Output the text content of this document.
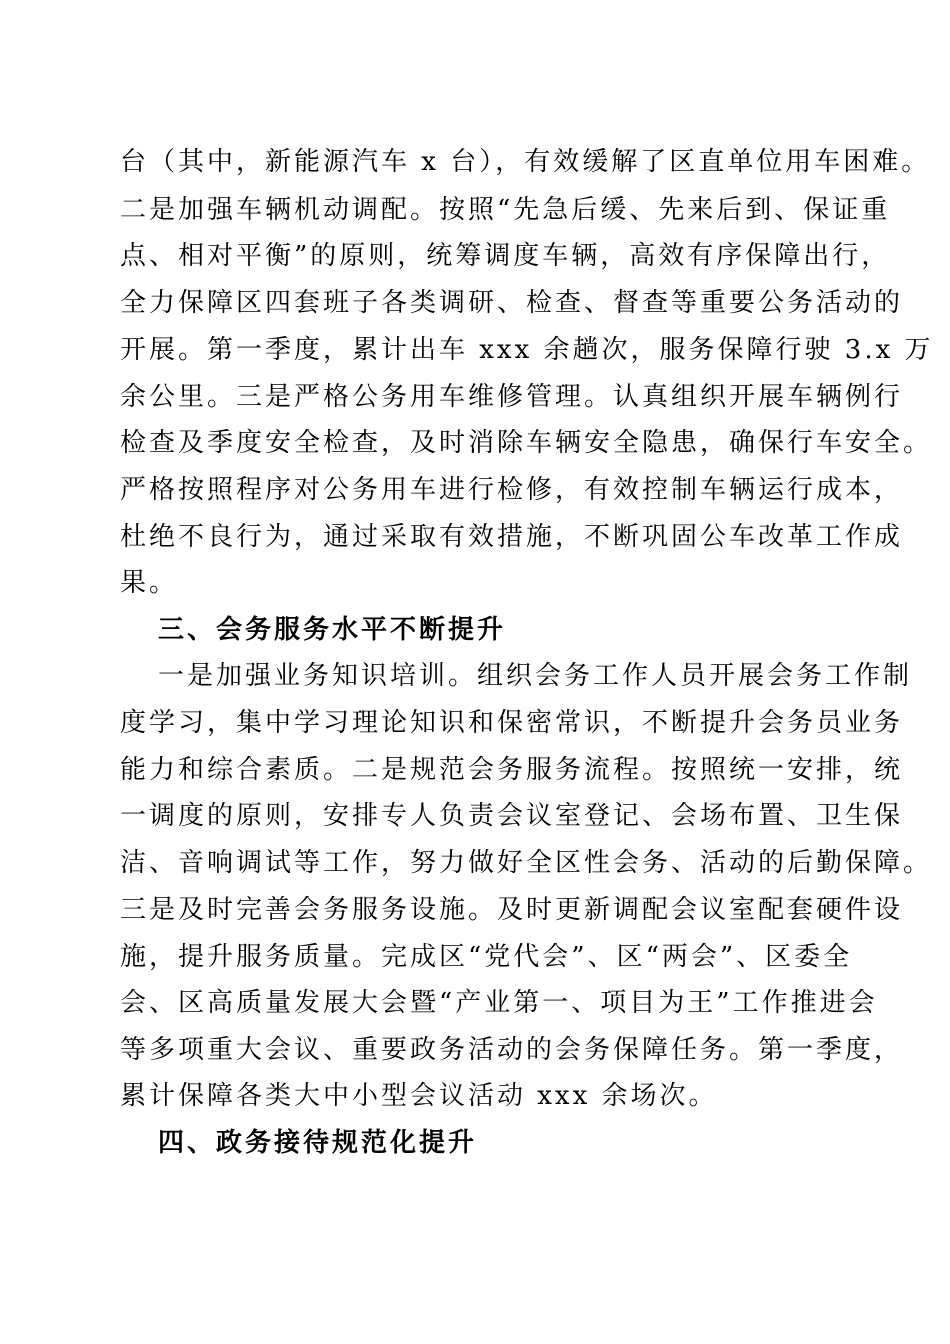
台（其中，新能源汽车 x 台），有效缓解了区直单位用车困难。
二是加强车辆机动调配。按照“先急后缓、先来后到、保证重
点、相对平衡”的原则，统筹调度车辆，高效有序保障出行，
全力保障区四套班子各类调研、检查、督查等重要公务活动的
开展。第一季度，累计出车 xxx 余趟次，服务保障行驶 3.x 万
余公里。三是严格公务用车维修管理。认真组织开展车辆例行
检查及季度安全检查，及时消除车辆安全隐患，确保行车安全。
严格按照程序对公务用车进行检修，有效控制车辆运行成本，
杜绝不良行为，通过采取有效措施，不断巩固公车改革工作成
果。
三、会务服务水平不断提升
一是加强业务知识培训。组织会务工作人员开展会务工作制
度学习，集中学习理论知识和保密常识，不断提升会务员业务
能力和综合素质。二是规范会务服务流程。按照统一安排，统
一调度的原则，安排专人负责会议室登记、会场布置、卫生保
洁、音响调试等工作，努力做好全区性会务、活动的后勤保障。
三是及时完善会务服务设施。及时更新调配会议室配套硬件设
施，提升服务质量。完成区“党代会”、区“两会”、区委全
会、区高质量发展大会暨“产业第一、项目为王”工作推进会
等多项重大会议、重要政务活动的会务保障任务。第一季度，
累计保障各类大中小型会议活动 xxx 余场次。
四、政务接待规范化提升
